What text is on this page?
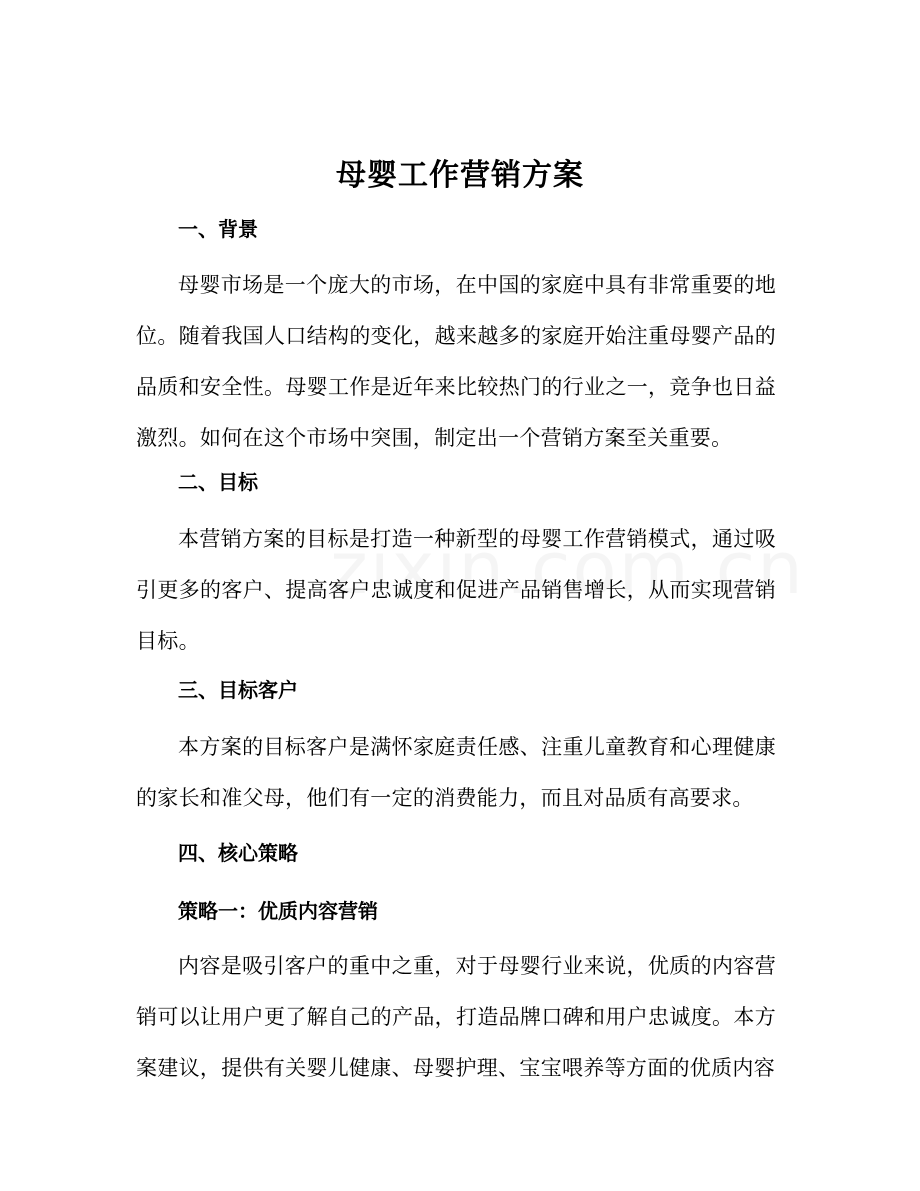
母婴工作营销方案
一、背景
母婴市场是一个庞大的市场，在中国的家庭中具有非常重要的地位。随着我国人口结构的变化，越来越多的家庭开始注重母婴产品的品质和安全性。母婴工作是近年来比较热门的行业之一，竞争也日益激烈。如何在这个市场中突围，制定出一个营销方案至关重要。
二、目标
本营销方案的目标是打造一种新型的母婴工作营销模式，通过吸引更多的客户、提高客户忠诚度和促进产品销售增长，从而实现营销目标。
三、目标客户
本方案的目标客户是满怀家庭责任感、注重儿童教育和心理健康的家长和准父母，他们有一定的消费能力，而且对品质有高要求。
四、核心策略
策略一：优质内容营销
内容是吸引客户的重中之重，对于母婴行业来说，优质的内容营销可以让用户更了解自己的产品，打造品牌口碑和用户忠诚度。本方案建议，提供有关婴儿健康、母婴护理、宝宝喂养等方面的优质内容
